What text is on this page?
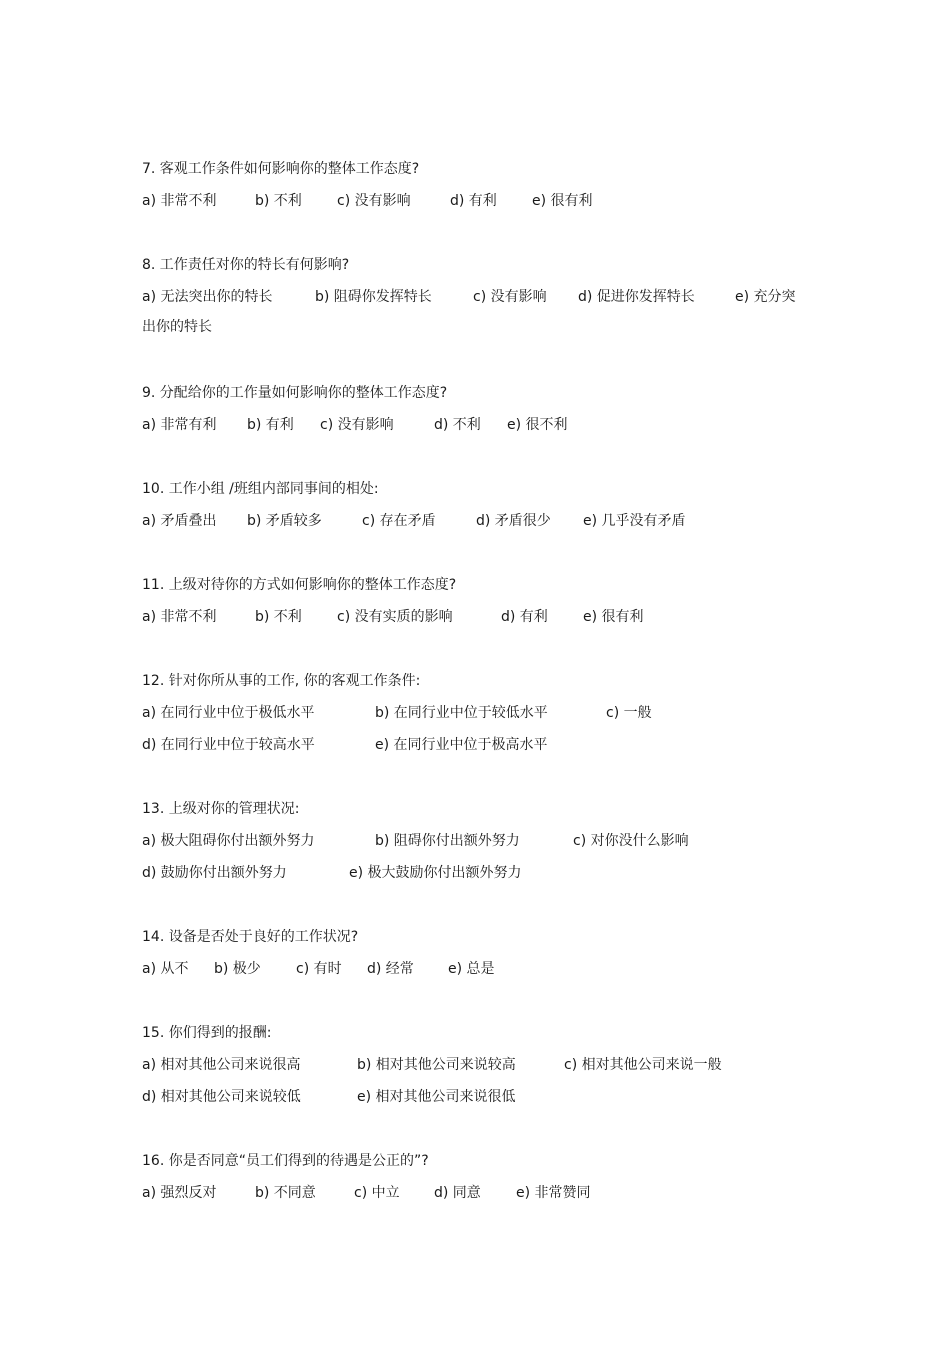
7. 客观工作条件如何影响你的整体工作态度?
a) 非常不利	b) 不利	c) 没有影响	d) 有利	e) 很有利
8. 工作责任对你的特长有何影响?
a) 无法突出你的特长	b) 阻碍你发挥特长	c) 没有影响 d) 促进你发挥特长	e) 充分突
出你的特长
9. 分配给你的工作量如何影响你的整体工作态度?
a) 非常有利 b) 有利 c) 没有影响	d) 不利 e) 很不利
10. 工作小组 /班组内部同事间的相处:
a) 矛盾叠出 b) 矛盾较多	c) 存在矛盾	d) 矛盾很少 e) 几乎没有矛盾
11. 上级对待你的方式如何影响你的整体工作态度?
a) 非常不利	b) 不利	c) 没有实质的影响	d) 有利	e) 很有利
12. 针对你所从事的工作, 你的客观工作条件:
a) 在同行业中位于极低水平	b) 在同行业中位于较低水平	c) 一般
d) 在同行业中位于较高水平	e) 在同行业中位于极高水平
13. 上级对你的管理状况:
a) 极大阻碍你付出额外努力	b) 阻碍你付出额外努力	c) 对你没什么影响
d) 鼓励你付出额外努力	e) 极大鼓励你付出额外努力
14. 设备是否处于良好的工作状况?
a) 从不 b) 极少	c) 有时 d) 经常 e) 总是
15. 你们得到的报酬:
a) 相对其他公司来说很高	b) 相对其他公司来说较高	c) 相对其他公司来说一般
d) 相对其他公司来说较低	e) 相对其他公司来说很低
16. 你是否同意“员工们得到的待遇是公正的”?
a) 强烈反对	b) 不同意	c) 中立 d) 同意	e) 非常赞同
